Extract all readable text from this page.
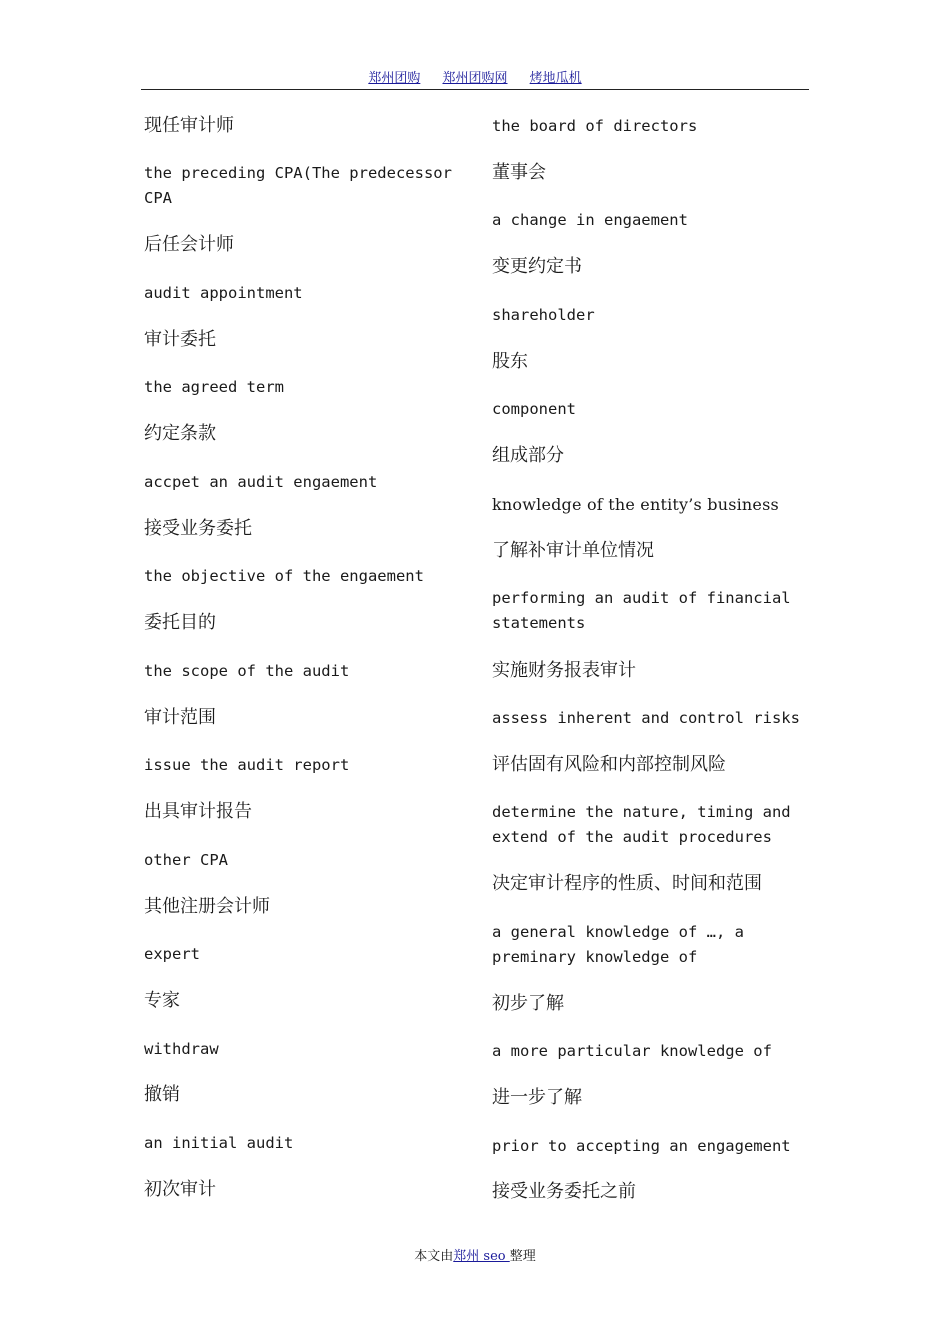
郑州团购 郑州团购网 烤地瓜机
现任审计师
the preceding CPA(The predecessor CPA
后任会计师
audit appointment
审计委托
the agreed term
约定条款
accpet an audit engaement
接受业务委托
the objective of the engaement
委托目的
the scope of the audit
审计范围
issue the audit report
出具审计报告
other CPA
其他注册会计师
expert
专家
withdraw
撤销
an initial audit
初次审计
the board of directors
董事会
a change in engaement
变更约定书
shareholder
股东
component
组成部分
knowledge of the entity’s business
了解补审计单位情况
performing an audit of financial statements
实施财务报表审计
assess inherent and control risks
评估固有风险和内部控制风险
determine the nature, timing and extend of the audit procedures
决定审计程序的性质、时间和范围
a general knowledge of …, a preminary knowledge of
初步了解
a more particular knowledge of
进一步了解
prior to accepting an engagement
接受业务委托之前
本文由郑州 seo 整理
